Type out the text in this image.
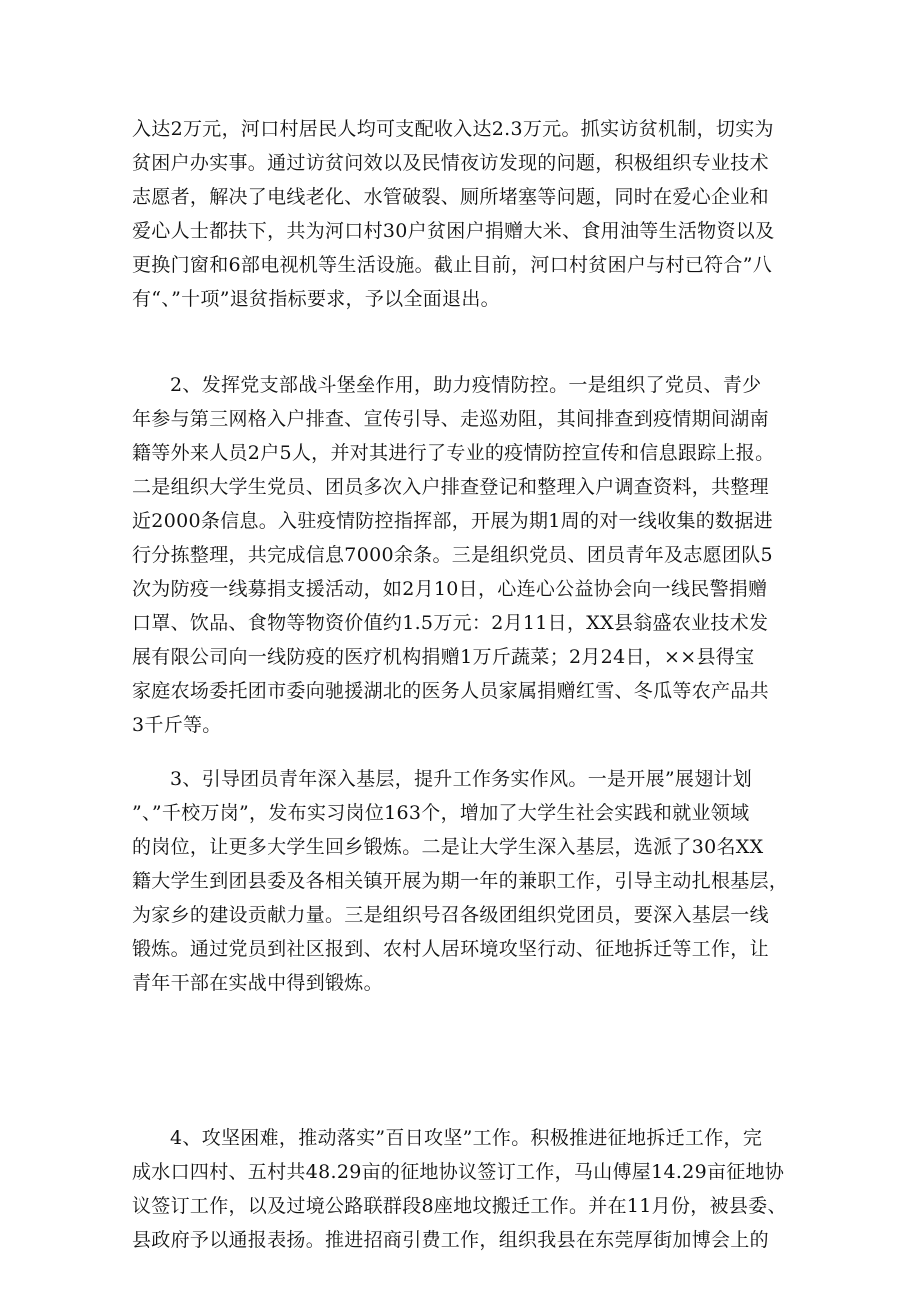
入达2万元，河口村居民人均可支配收入达2.3万元。抓实访贫机制，切实为
贫困户办实事。通过访贫问效以及民情夜访发现的问题，积极组织专业技术
志愿者，解决了电线老化、水管破裂、厕所堵塞等问题，同时在爱心企业和
爱心人士都扶下，共为河口村30户贫困户捐赠大米、食用油等生活物资以及
更换门窗和6部电视机等生活设施。截止目前，河口村贫困户与村已符合”八
有“、”十项”退贫指标要求，予以全面退出。
2、发挥党支部战斗堡垒作用，助力疫情防控。一是组织了党员、青少
年参与第三网格入户排查、宣传引导、走巡劝阻，其间排查到疫情期间湖南
籍等外来人员2户5人，并对其进行了专业的疫情防控宣传和信息跟踪上报。
二是组织大学生党员、团员多次入户排查登记和整理入户调查资料，共整理
近2000条信息。入驻疫情防控指挥部，开展为期1周的对一线收集的数据进
行分拣整理，共完成信息7000余条。三是组织党员、团员青年及志愿团队5
次为防疫一线募捐支援活动，如2月10日，心连心公益协会向一线民警捐赠
口罩、饮品、食物等物资价值约1.5万元：2月11日，XX县翁盛农业技术发
展有限公司向一线防疫的医疗机构捐赠1万斤蔬菜；2月24日，××县得宝
家庭农场委托团市委向驰援湖北的医务人员家属捐赠红雪、冬瓜等农产品共
3千斤等。
3、引导团员青年深入基层，提升工作务实作风。一是开展”展翅计划
”、”千校万岗”，发布实习岗位163个，增加了大学生社会实践和就业领域
的岗位，让更多大学生回乡锻炼。二是让大学生深入基层，选派了30名XX
籍大学生到团县委及各相关镇开展为期一年的兼职工作，引导主动扎根基层，
为家乡的建设贡献力量。三是组织号召各级团组织党团员，要深入基层一线
锻炼。通过党员到社区报到、农村人居环境攻坚行动、征地拆迁等工作，让
青年干部在实战中得到锻炼。
4、攻坚困难，推动落实”百日攻坚”工作。积极推进征地拆迁工作，完
成水口四村、五村共48.29亩的征地协议签订工作，马山傅屋14.29亩征地协
议签订工作，以及过境公路联群段8座地坟搬迁工作。并在11月份，被县委、
县政府予以通报表扬。推进招商引费工作，组织我县在东莞厚街加博会上的
